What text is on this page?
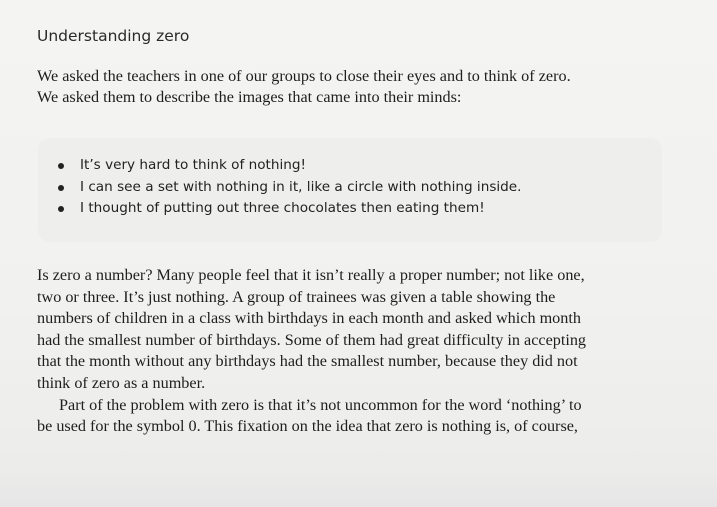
Understanding zero

We asked the teachers in one of our groups to close their eyes and to think of zero.
We asked them to describe the images that came into their minds:

It’s very hard to think of nothing!
I can see a set with nothing in it, like a circle with nothing inside.
I thought of putting out three chocolates then eating them!
Is zero a number? Many people feel that it isn’t really a proper number; not like one,
two or three. It’s just nothing. A group of trainees was given a table showing the
numbers of children in a class with birthdays in each month and asked which month
had the smallest number of birthdays. Some of them had great difficulty in accepting
that the month without any birthdays had the smallest number, because they did not
think of zero as a number.
Part of the problem with zero is that it’s not uncommon for the word ‘nothing’ to
be used for the symbol 0. This fixation on the idea that zero is nothing is, of course,
